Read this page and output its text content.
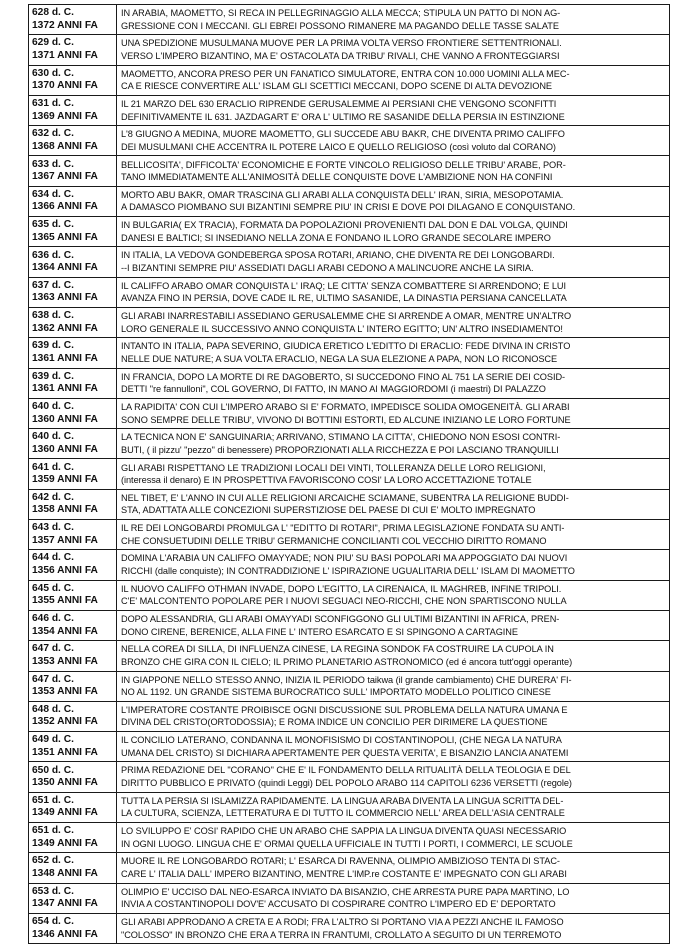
628 d. C.
1372 ANNI FA	IN ARABIA, MAOMETTO, SI RECA IN PELLEGRINAGGIO ALLA MECCA; STIPULA UN PATTO DI NON AG-
GRESSIONE CON I MECCANI. GLI EBREI POSSONO RIMANERE MA PAGANDO DELLE TASSE SALATE

629 d. C.
1371 ANNI FA	UNA SPEDIZIONE MUSULMANA MUOVE PER LA PRIMA VOLTA VERSO FRONTIERE SETTENTRIONALI.
VERSO L'IMPERO BIZANTINO, MA E' OSTACOLATA DA TRIBU' RIVALI, CHE VANNO A FRONTEGGIARSI

630 d. C.
1370 ANNI FA	MAOMETTO, ANCORA PRESO PER UN FANATICO SIMULATORE, ENTRA CON 10.000 UOMINI ALLA MEC-
CA E RIESCE CONVERTIRE ALL' ISLAM GLI SCETTICI MECCANI, DOPO SCENE DI ALTA DEVOZIONE

631 d. C.
1369 ANNI FA	IL 21 MARZO DEL 630 ERACLIO RIPRENDE GERUSALEMME AI PERSIANI CHE VENGONO SCONFITTI
DEFINITIVAMENTE IL 631. JAZDAGART E' ORA L' ULTIMO RE SASANIDE DELLA PERSIA IN ESTINZIONE

632 d. C.
1368 ANNI FA	L'8 GIUGNO A MEDINA, MUORE MAOMETTO, GLI SUCCEDE ABU BAKR, CHE DIVENTA PRIMO CALIFFO
DEI MUSULMANI CHE ACCENTRA IL POTERE LAICO E QUELLO RELIGIOSO (così voluto dal CORANO)

633 d. C.
1367 ANNI FA	BELLICOSITA', DIFFICOLTA' ECONOMICHE E FORTE VINCOLO RELIGIOSO DELLE TRIBU' ARABE, POR-
TANO IMMEDIATAMENTE ALL'ANIMOSITÀ DELLE CONQUISTE DOVE L'AMBIZIONE NON HA CONFINI

634 d. C.
1366 ANNI FA	MORTO ABU BAKR, OMAR TRASCINA GLI ARABI ALLA CONQUISTA DELL' IRAN, SIRIA, MESOPOTAMIA.
A DAMASCO PIOMBANO SUI BIZANTINI SEMPRE PIU' IN CRISI E DOVE POI DILAGANO E CONQUISTANO.

635 d. C.
1365 ANNI FA	IN BULGARIA( EX TRACIA), FORMATA DA POPOLAZIONI PROVENIENTI DAL DON E DAL VOLGA, QUINDI
DANESI E BALTICI; SI INSEDIANO NELLA ZONA E FONDANO IL LORO GRANDE SECOLARE IMPERO

636 d. C.
1364 ANNI FA	IN ITALIA, LA VEDOVA GONDEBERGA SPOSA ROTARI, ARIANO, CHE DIVENTA RE DEI LONGOBARDI.
--I BIZANTINI SEMPRE PIU' ASSEDIATI DAGLI ARABI CEDONO A MALINCUORE ANCHE LA SIRIA.

637 d. C.
1363 ANNI FA	IL CALIFFO ARABO OMAR CONQUISTA L' IRAQ; LE CITTA' SENZA COMBATTERE SI ARRENDONO; E LUI
AVANZA FINO IN PERSIA, DOVE CADE IL RE, ULTIMO SASANIDE, LA DINASTIA PERSIANA CANCELLATA

638 d. C.
1362 ANNI FA	GLI ARABI INARRESTABILI ASSEDIANO GERUSALEMME CHE SI ARRENDE A OMAR, MENTRE UN'ALTRO
LORO GENERALE IL SUCCESSIVO ANNO CONQUISTA L' INTERO EGITTO; UN' ALTRO INSEDIAMENTO!

639 d. C.
1361 ANNI FA	INTANTO IN ITALIA, PAPA SEVERINO, GIUDICA ERETICO L'EDITTO DI ERACLIO: FEDE DIVINA IN CRISTO
NELLE DUE NATURE; A SUA VOLTA ERACLIO, NEGA LA SUA ELEZIONE A PAPA, NON LO RICONOSCE

639 d. C.
1361 ANNI FA	IN FRANCIA, DOPO LA MORTE DI RE DAGOBERTO, SI SUCCEDONO FINO AL 751 LA SERIE DEI COSID-
DETTI "re fannulloni", COL GOVERNO, DI FATTO, IN MANO AI MAGGIORDOMI (i maestri) DI PALAZZO

640 d. C.
1360 ANNI FA	LA RAPIDITA' CON CUI L'IMPERO ARABO SI E' FORMATO, IMPEDISCE SOLIDA OMOGENEITÀ. GLI ARABI
SONO SEMPRE DELLE TRIBU', VIVONO DI BOTTINI ESTORTI, ED ALCUNE INIZIANO LE LORO FORTUNE

640 d. C.
1360 ANNI FA	LA TECNICA NON E' SANGUINARIA; ARRIVANO, STIMANO LA CITTA', CHIEDONO NON ESOSI CONTRI-
BUTI, ( il pizzu' "pezzo" di benessere) PROPORZIONATI ALLA RICCHEZZA E POI LASCIANO TRANQUILLI

641 d. C.
1359 ANNI FA	GLI ARABI RISPETTANO LE TRADIZIONI LOCALI DEI VINTI, TOLLERANZA DELLE LORO RELIGIONI,
(interessa il denaro) E IN PROSPETTIVA FAVORISCONO COSI' LA LORO ACCETTAZIONE TOTALE

642 d. C.
1358 ANNI FA	NEL TIBET, E' L'ANNO IN CUI ALLE RELIGIONI ARCAICHE SCIAMANE, SUBENTRA LA RELIGIONE BUDDI-
STA, ADATTATA ALLE CONCEZIONI SUPERSTIZIOSE DEL PAESE DI CUI E' MOLTO IMPREGNATO

643 d. C.
1357 ANNI FA	IL RE DEI LONGOBARDI PROMULGA L' "EDITTO DI ROTARI", PRIMA LEGISLAZIONE FONDATA SU ANTI-
CHE CONSUETUDINI DELLE TRIBU' GERMANICHE CONCILIANTI COL VECCHIO DIRITTO ROMANO

644 d. C.
1356 ANNI FA	DOMINA L'ARABIA UN CALIFFO OMAYYADE; NON PIU' SU BASI POPOLARI MA APPOGGIATO DAI NUOVI
RICCHI (dalle conquiste); IN CONTRADDIZIONE L' ISPIRAZIONE UGUALITARIA DELL' ISLAM DI MAOMETTO

645 d. C.
1355 ANNI FA	IL NUOVO CALIFFO OTHMAN INVADE, DOPO L'EGITTO, LA CIRENAICA, IL MAGHREB, INFINE TRIPOLI.
C'E' MALCONTENTO POPOLARE PER I NUOVI SEGUACI NEO-RICCHI, CHE NON SPARTISCONO NULLA

646 d. C.
1354 ANNI FA	DOPO ALESSANDRIA, GLI ARABI OMAYYADI SCONFIGGONO GLI ULTIMI BIZANTINI IN AFRICA, PREN-
DONO CIRENE, BERENICE, ALLA FINE L' INTERO ESARCATO E SI SPINGONO A CARTAGINE

647 d. C.
1353 ANNI FA	NELLA COREA DI SILLA, DI INFLUENZA CINESE, LA REGINA SONDOK FA COSTRUIRE LA CUPOLA IN
BRONZO CHE GIRA CON IL CIELO; IL PRIMO PLANETARIO ASTRONOMICO (ed é ancora tutt'oggi operante)

647 d. C.
1353 ANNI FA	IN GIAPPONE NELLO STESSO ANNO, INIZIA IL PERIODO taikwa (il grande cambiamento) CHE DURERA' FI-
NO AL 1192. UN GRANDE SISTEMA BUROCRATICO SULL' IMPORTATO MODELLO POLITICO CINESE

648 d. C.
1352 ANNI FA	L'IMPERATORE COSTANTE PROIBISCE OGNI DISCUSSIONE SUL PROBLEMA DELLA NATURA UMANA E
DIVINA DEL CRISTO(ORTODOSSIA); E ROMA INDICE UN CONCILIO PER DIRIMERE LA QUESTIONE

649 d. C.
1351 ANNI FA	IL CONCILIO LATERANO, CONDANNA IL MONOFISISMO DI COSTANTINOPOLI, (CHE NEGA LA NATURA
UMANA DEL CRISTO) SI DICHIARA APERTAMENTE PER QUESTA VERITA', E BISANZIO LANCIA ANATEMI

650 d. C.
1350 ANNI FA	PRIMA REDAZIONE DEL "CORANO" CHE E' IL FONDAMENTO DELLA RITUALITÀ DELLA TEOLOGIA E DEL
DIRITTO PUBBLICO E PRIVATO (quindi Leggi) DEL POPOLO ARABO 114 CAPITOLI 6236 VERSETTI (regole)

651 d. C.
1349 ANNI FA	TUTTA LA PERSIA SI ISLAMIZZA RAPIDAMENTE. LA LINGUA ARABA DIVENTA LA LINGUA SCRITTA DEL-
LA CULTURA, SCIENZA, LETTERATURA E DI TUTTO IL COMMERCIO NELL' AREA DELL'ASIA CENTRALE

651 d. C.
1349 ANNI FA	LO SVILUPPO E' COSI' RAPIDO CHE UN ARABO CHE SAPPIA LA LINGUA DIVENTA QUASI NECESSARIO
IN OGNI LUOGO. LINGUA CHE E' ORMAI QUELLA UFFICIALE IN TUTTI I PORTI, I COMMERCI, LE SCUOLE

652 d. C.
1348 ANNI FA	MUORE IL RE LONGOBARDO ROTARI; L' ESARCA DI RAVENNA, OLIMPIO AMBIZIOSO TENTA DI STAC-
CARE L' ITALIA DALL' IMPERO BIZANTINO, MENTRE L'IMP.re COSTANTE E' IMPEGNATO CON GLI ARABI

653 d. C.
1347 ANNI FA	OLIMPIO E' UCCISO DAL NEO-ESARCA INVIATO DA BISANZIO, CHE ARRESTA PURE PAPA MARTINO, LO
INVIA A COSTANTINOPOLI DOV'E' ACCUSATO DI COSPIRARE CONTRO L'IMPERO ED E' DEPORTATO

654 d. C.
1346 ANNI FA	GLI ARABI APPRODANO A CRETA E A RODI; FRA L'ALTRO SI PORTANO VIA A PEZZI ANCHE IL FAMOSO
"COLOSSO" IN BRONZO CHE ERA A TERRA IN FRANTUMI, CROLLATO A SEGUITO DI UN TERREMOTO
